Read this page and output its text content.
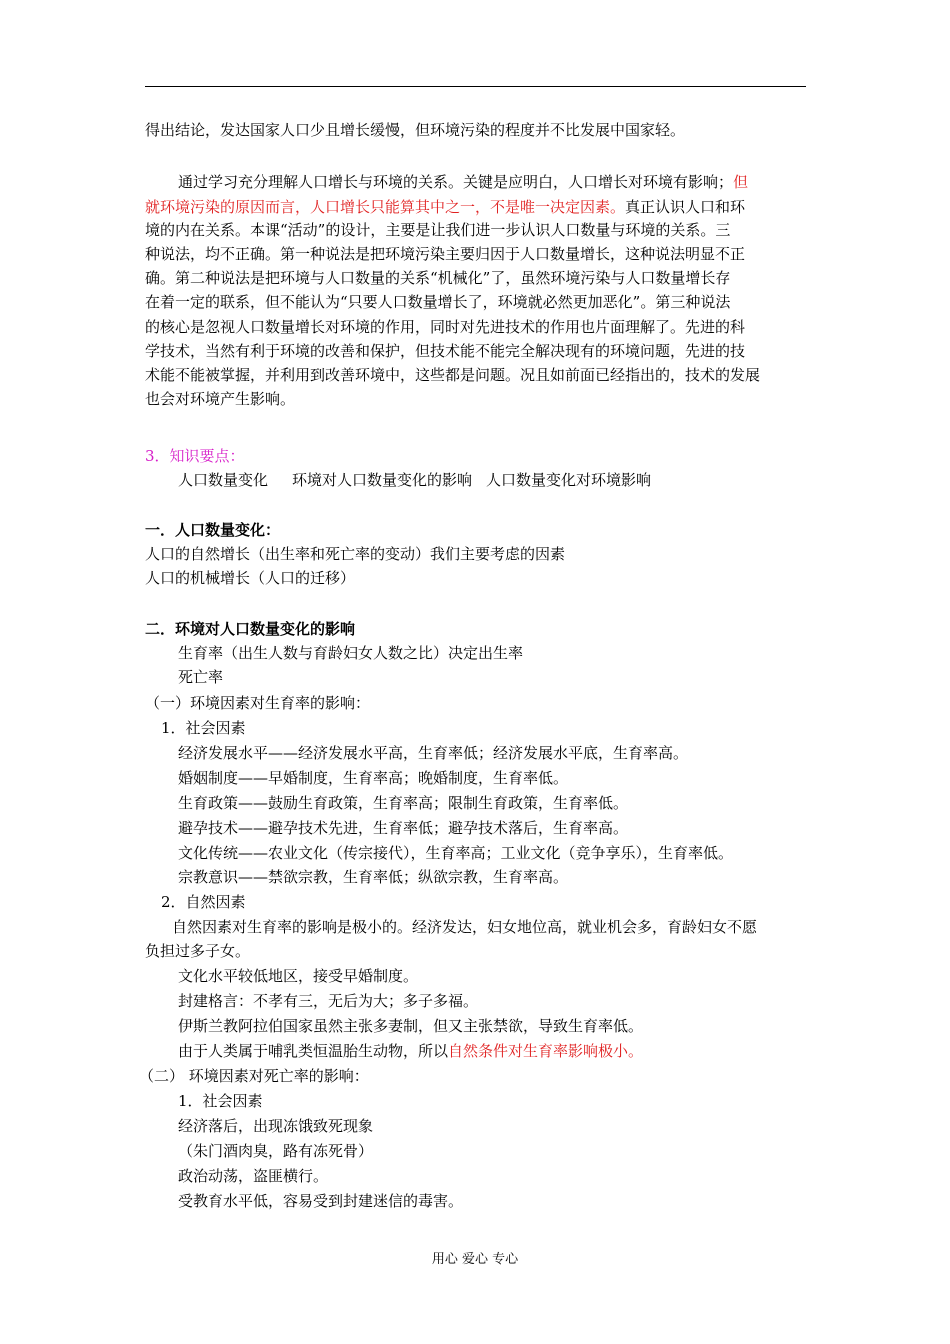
得出结论，发达国家人口少且增长缓慢，但环境污染的程度并不比发展中国家轻。
通过学习充分理解人口增长与环境的关系。关键是应明白，人口增长对环境有影响；但
就环境污染的原因而言，人口增长只能算其中之一，不是唯一决定因素。真正认识人口和环
境的内在关系。本课“活动”的设计，主要是让我们进一步认识人口数量与环境的关系。三
种说法，均不正确。第一种说法是把环境污染主要归因于人口数量增长，这种说法明显不正
确。第二种说法是把环境与人口数量的关系“机械化”了，虽然环境污染与人口数量增长存
在着一定的联系，但不能认为“只要人口数量增长了，环境就必然更加恶化”。第三种说法
的核心是忽视人口数量增长对环境的作用，同时对先进技术的作用也片面理解了。先进的科
学技术，当然有利于环境的改善和保护，但技术能不能完全解决现有的环境问题，先进的技
术能不能被掌握，并利用到改善环境中，这些都是问题。况且如前面已经指出的，技术的发展
也会对环境产生影响。
3．知识要点：
人口数量变化 环境对人口数量变化的影响 人口数量变化对环境影响
一．人口数量变化：
人口的自然增长（出生率和死亡率的变动）我们主要考虑的因素
人口的机械增长（人口的迁移）
二．环境对人口数量变化的影响
生育率（出生人数与育龄妇女人数之比）决定出生率
死亡率
（一）环境因素对生育率的影响：
1．社会因素
经济发展水平——经济发展水平高，生育率低；经济发展水平底，生育率高。
婚姻制度——早婚制度，生育率高；晚婚制度，生育率低。
生育政策——鼓励生育政策，生育率高；限制生育政策，生育率低。
避孕技术——避孕技术先进，生育率低；避孕技术落后，生育率高。
文化传统——农业文化（传宗接代），生育率高；工业文化（竞争享乐），生育率低。
宗教意识——禁欲宗教，生育率低；纵欲宗教，生育率高。
2．自然因素
自然因素对生育率的影响是极小的。经济发达，妇女地位高，就业机会多，育龄妇女不愿
负担过多子女。
文化水平较低地区，接受早婚制度。
封建格言：不孝有三，无后为大；多子多福。
伊斯兰教阿拉伯国家虽然主张多妻制，但又主张禁欲，导致生育率低。
由于人类属于哺乳类恒温胎生动物，所以自然条件对生育率影响极小。
（二） 环境因素对死亡率的影响：
1．社会因素
经济落后，出现冻饿致死现象
（朱门酒肉臭，路有冻死骨）
政治动荡，盗匪横行。
受教育水平低，容易受到封建迷信的毒害。
用心 爱心 专心
